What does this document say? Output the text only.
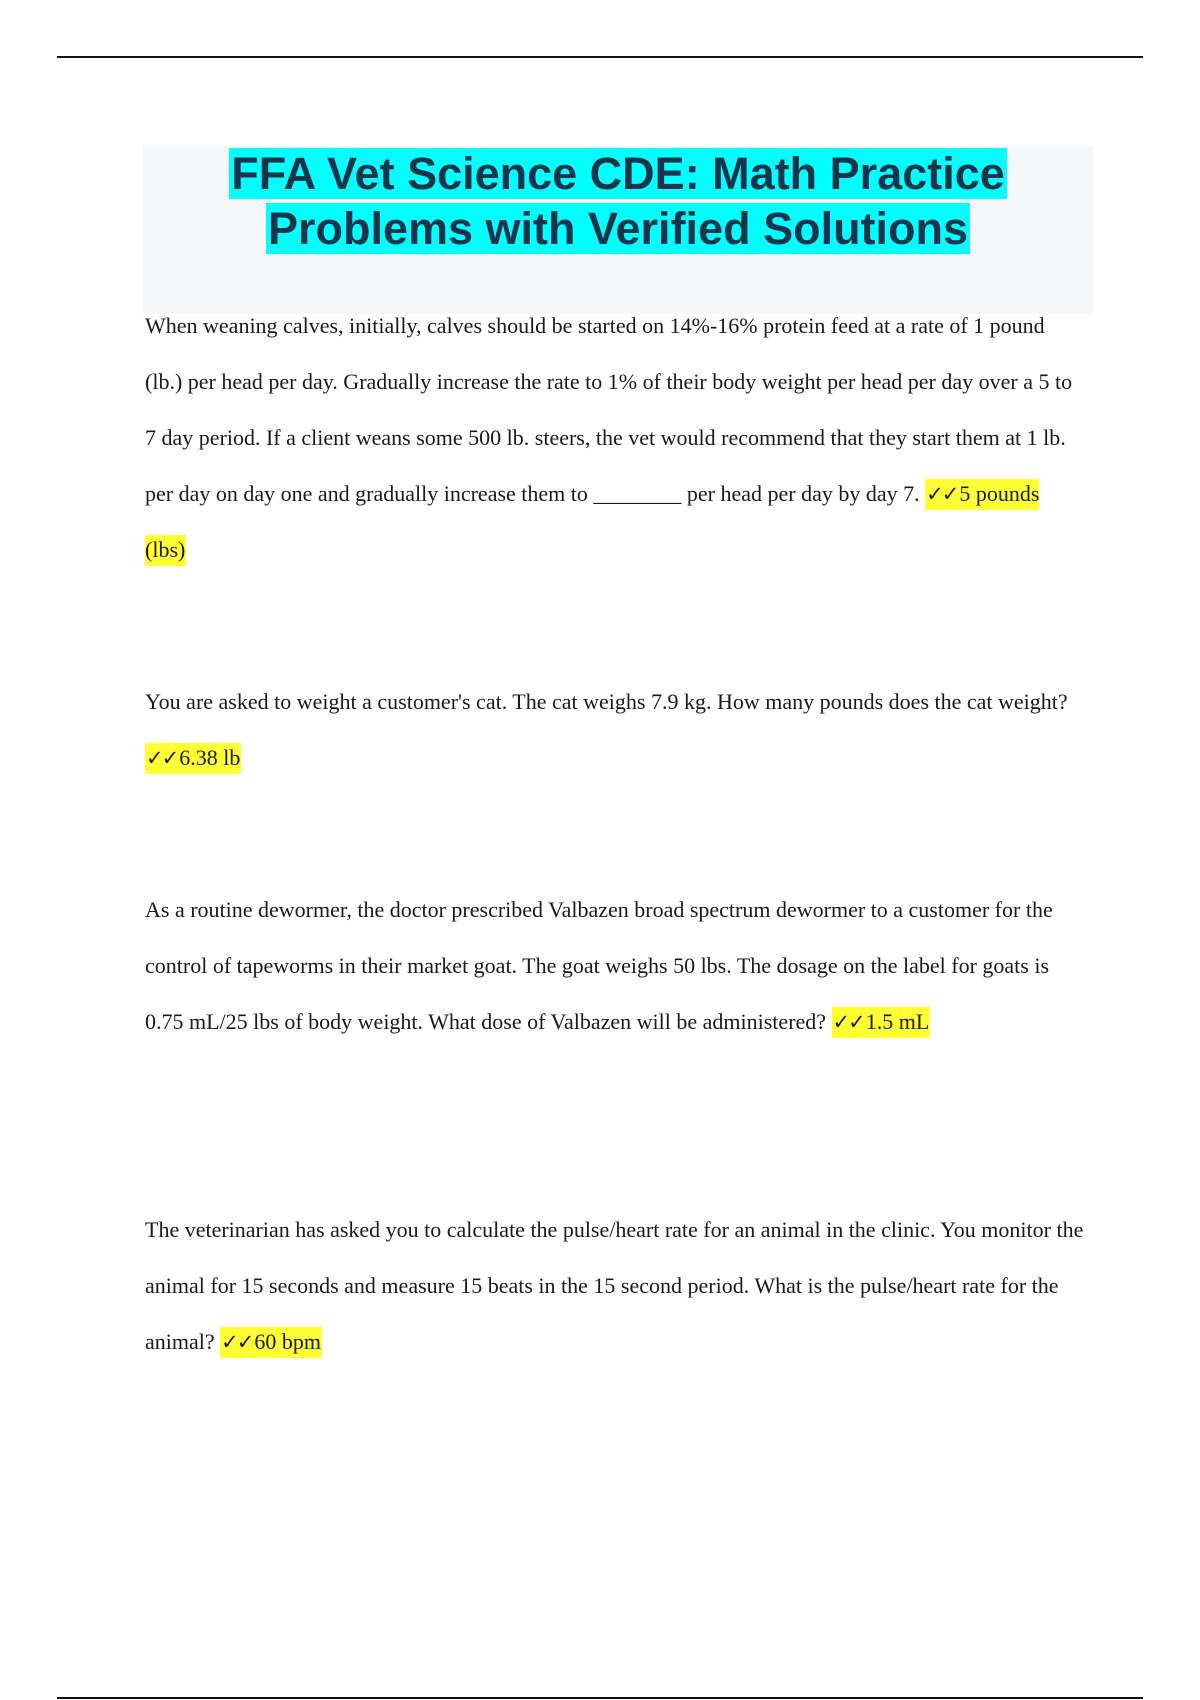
FFA Vet Science CDE: Math Practice Problems with Verified Solutions

When weaning calves, initially, calves should be started on 14%-16% protein feed at a rate of 1 pound (lb.) per head per day. Gradually increase the rate to 1% of their body weight per head per day over a 5 to 7 day period. If a client weans some 500 lb. steers, the vet would recommend that they start them at 1 lb. per day on day one and gradually increase them to ________ per head per day by day 7. ✓✓5 pounds (lbs)

You are asked to weight a customer's cat. The cat weighs 7.9 kg. How many pounds does the cat weight? ✓✓6.38 lb

As a routine dewormer, the doctor prescribed Valbazen broad spectrum dewormer to a customer for the control of tapeworms in their market goat. The goat weighs 50 lbs. The dosage on the label for goats is 0.75 mL/25 lbs of body weight. What dose of Valbazen will be administered? ✓✓1.5 mL

The veterinarian has asked you to calculate the pulse/heart rate for an animal in the clinic. You monitor the animal for 15 seconds and measure 15 beats in the 15 second period. What is the pulse/heart rate for the animal? ✓✓60 bpm
